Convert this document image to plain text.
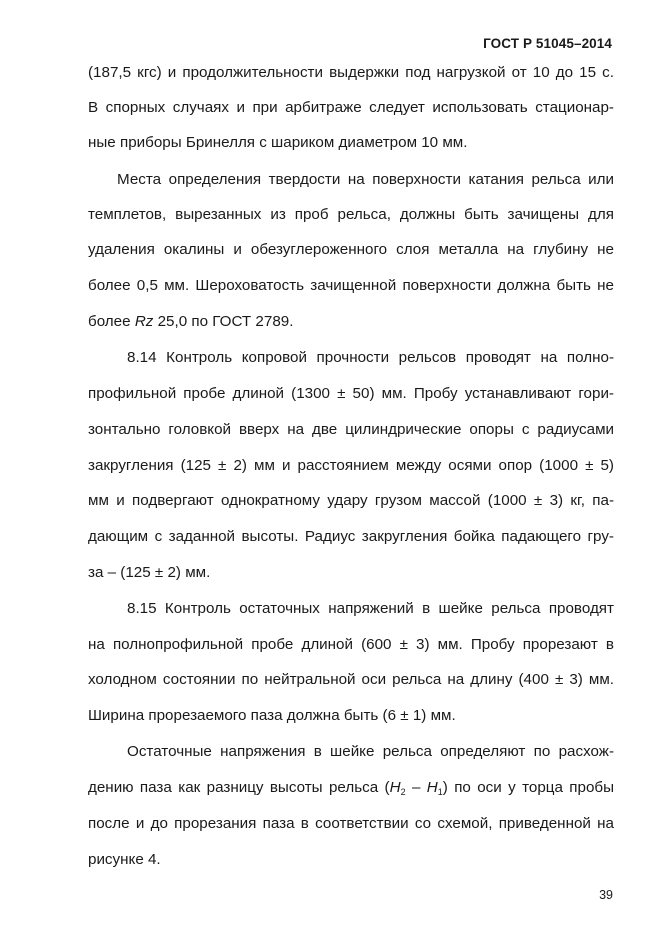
ГОСТ Р 51045–2014
(187,5 кгс) и продолжительности выдержки под нагрузкой от 10 до 15 с.
В спорных случаях и при арбитраже следует использовать стационар-
ные приборы Бринелля с шариком диаметром 10 мм.
Места определения твердости на поверхности катания рельса или
темплетов, вырезанных из проб рельса, должны быть зачищены для
удаления окалины и обезуглероженного слоя металла на глубину не
более 0,5 мм. Шероховатость зачищенной поверхности должна быть не
более Rz 25,0 по ГОСТ 2789.
8.14 Контроль копровой прочности рельсов проводят на полно-
профильной пробе длиной (1300 ± 50) мм. Пробу устанавливают гори-
зонтально головкой вверх на две цилиндрические опоры с радиусами
закругления (125 ± 2) мм и расстоянием между осями опор (1000 ± 5)
мм и подвергают однократному удару грузом массой (1000 ± 3) кг, па-
дающим с заданной высоты. Радиус закругления бойка падающего гру-
за – (125 ± 2) мм.
8.15 Контроль остаточных напряжений в шейке рельса проводят
на полнопрофильной пробе длиной (600 ± 3) мм. Пробу прорезают в
холодном состоянии по нейтральной оси рельса на длину (400 ± 3) мм.
Ширина прорезаемого паза должна быть (6 ± 1) мм.
Остаточные напряжения в шейке рельса определяют по расхож-
дению паза как разницу высоты рельса $(H_2 - H_1)$ по оси у торца пробы
после и до прорезания паза в соответствии со схемой, приведенной на
рисунке 4.
39
